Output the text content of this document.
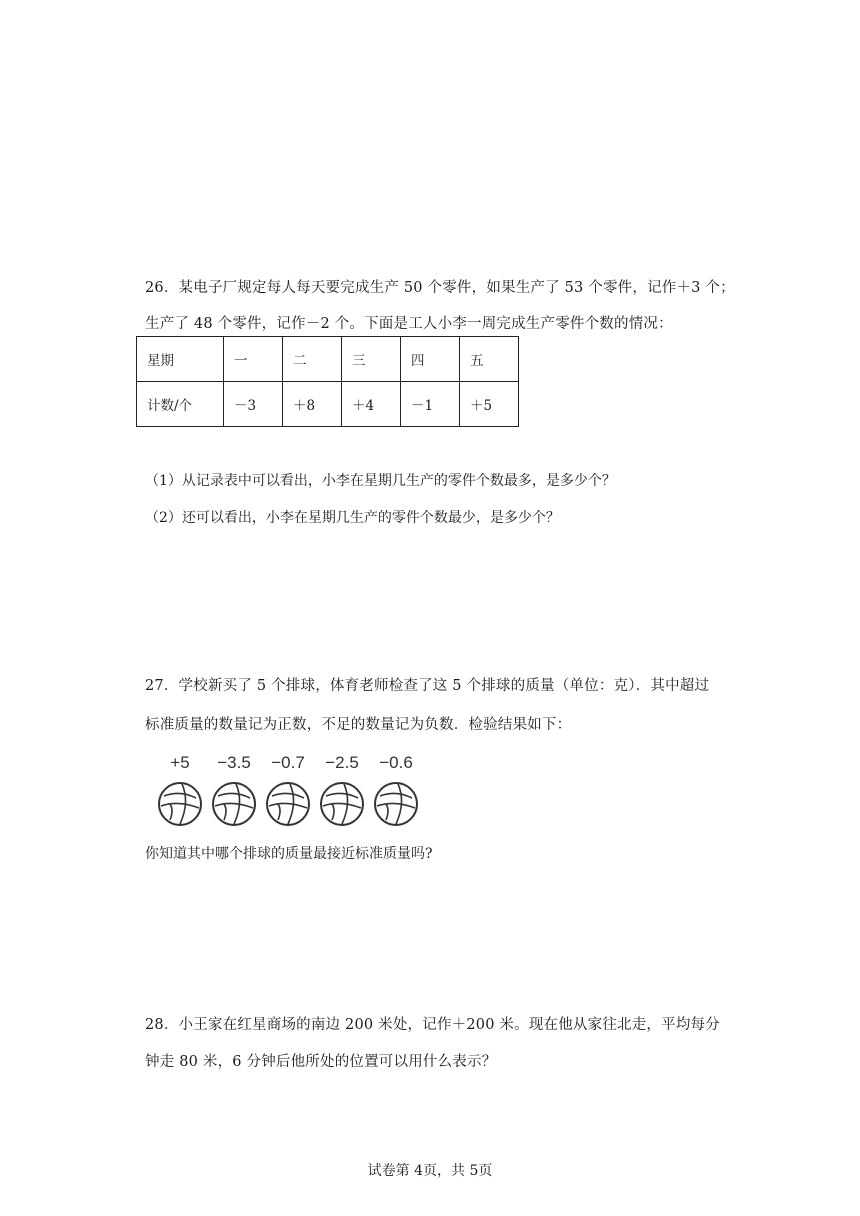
26．某电子厂规定每人每天要完成生产 50 个零件，如果生产了 53 个零件，记作＋3 个；
生产了 48 个零件，记作－2 个。下面是工人小李一周完成生产零件个数的情况：
星期	一	二	三	四	五
计数/个	－3	＋8	＋4	－1	＋5
（1）从记录表中可以看出，小李在星期几生产的零件个数最多，是多少个？
（2）还可以看出，小李在星期几生产的零件个数最少，是多少个？
27．学校新买了 5 个排球，体育老师检查了这 5 个排球的质量（单位：克）．其中超过
标准质量的数量记为正数，不足的数量记为负数．检验结果如下：
+5	−3.5	−0.7	−2.5	−0.6
你知道其中哪个排球的质量最接近标准质量吗?
28．小王家在红星商场的南边 200 米处，记作＋200 米。现在他从家往北走，平均每分
钟走 80 米，6 分钟后他所处的位置可以用什么表示？
试卷第 4页，共 5页
